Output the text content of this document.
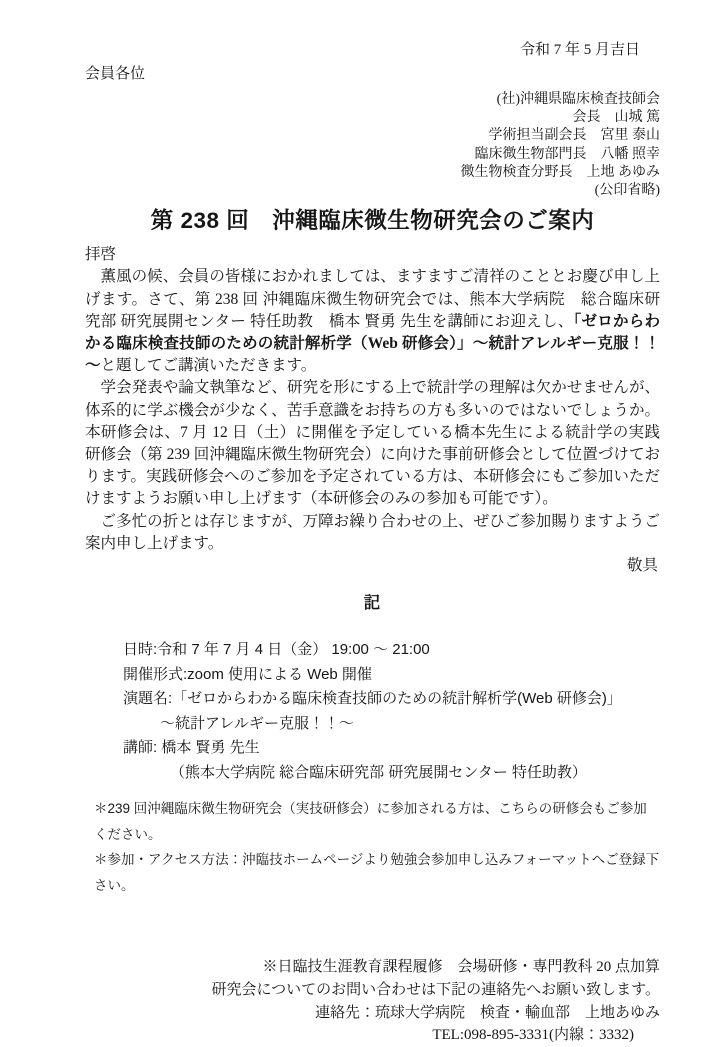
令和 7 年 5 月吉日
会員各位
(社)沖縄県臨床検査技師会
会長　山城 篤
学術担当副会長　宮里 泰山
臨床微生物部門長　八幡 照幸
微生物検査分野長　上地 あゆみ
(公印省略)
第 238 回　沖縄臨床微生物研究会のご案内

拝啓

　薫風の候、会員の皆様におかれましては、ますますご清祥のこととお慶び申し上げます。さて、第 238 回 沖縄臨床微生物研究会では、熊本大学病院　総合臨床研究部 研究展開センター 特任助教　橋本 賢勇 先生を講師にお迎えし、「ゼロからわかる臨床検査技師のための統計解析学（Web 研修会）」～統計アレルギー克服！！～と題してご講演いただきます。

　学会発表や論文執筆など、研究を形にする上で統計学の理解は欠かせませんが、体系的に学ぶ機会が少なく、苦手意識をお持ちの方も多いのではないでしょうか。本研修会は、7 月 12 日（土）に開催を予定している橋本先生による統計学の実践研修会（第 239 回沖縄臨床微生物研究会）に向けた事前研修会として位置づけております。実践研修会へのご参加を予定されている方は、本研修会にもご参加いただけますようお願い申し上げます（本研修会のみの参加も可能です）。

　ご多忙の折とは存じますが、万障お繰り合わせの上、ぜひご参加賜りますようご案内申し上げます。

敬具
記
日時:令和 7 年 7 月 4 日（金） 19:00 ～ 21:00
開催形式:zoom 使用による Web 開催
演題名:「ゼロからわかる臨床検査技師のための統計解析学(Web 研修会)」
～統計アレルギー克服！！～
講師: 橋本 賢勇 先生
（熊本大学病院 総合臨床研究部 研究展開センター 特任助教）
＊239 回沖縄臨床微生物研究会（実技研修会）に参加される方は、こちらの研修会もご参加ください。
＊参加・アクセス方法：沖臨技ホームページより勉強会参加申し込みフォーマットへご登録下さい。
※日臨技生涯教育課程履修　会場研修・専門教科 20 点加算
研究会についてのお問い合わせは下記の連絡先へお願い致します。
連絡先：琉球大学病院　検査・輸血部　上地あゆみ
TEL:098-895-3331(内線：3332)
